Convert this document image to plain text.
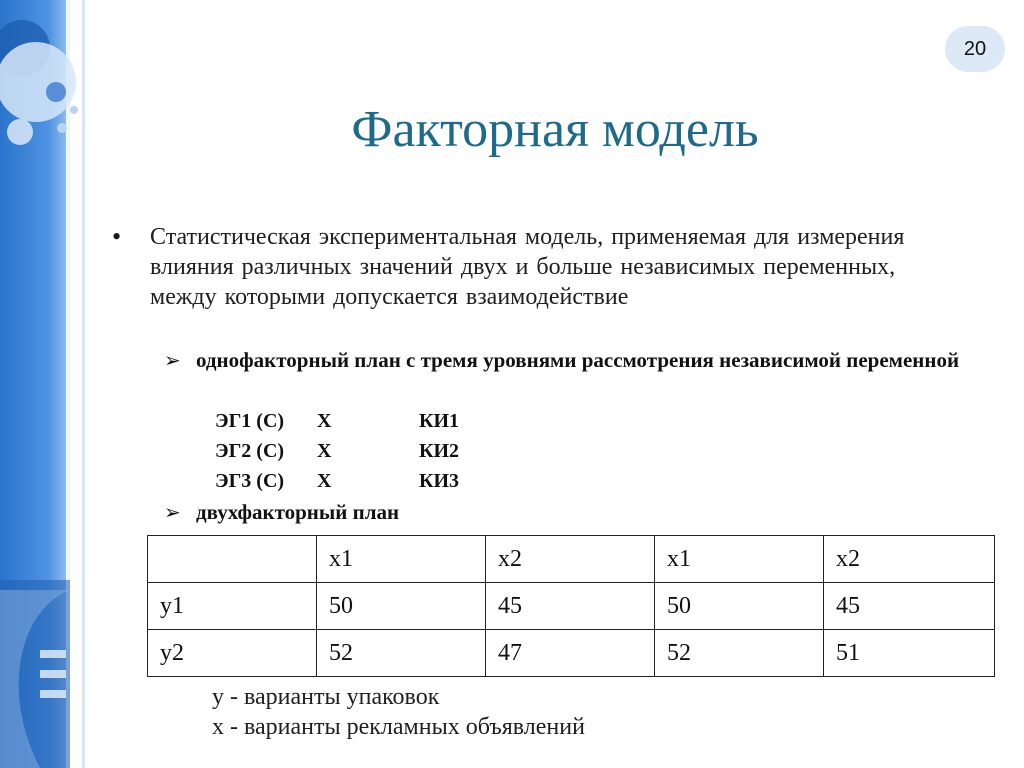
20
Факторная модель
• Статистическая экспериментальная модель, применяемая для измерения влияния различных значений двух и больше независимых переменных, между которыми допускается взаимодействие

➢ однофакторный план с тремя уровнями рассмотрения независимой переменной

ЭГ1 (С) Х	КИ1
ЭГ2 (С) Х	КИ2
ЭГ3 (С) Х	КИ3
➢ двухфакторный план

	x1	x2	x1	x2
y1	50	45	50	45
y2	52	47	52	51
у - варианты упаковок
х - варианты рекламных объявлений
